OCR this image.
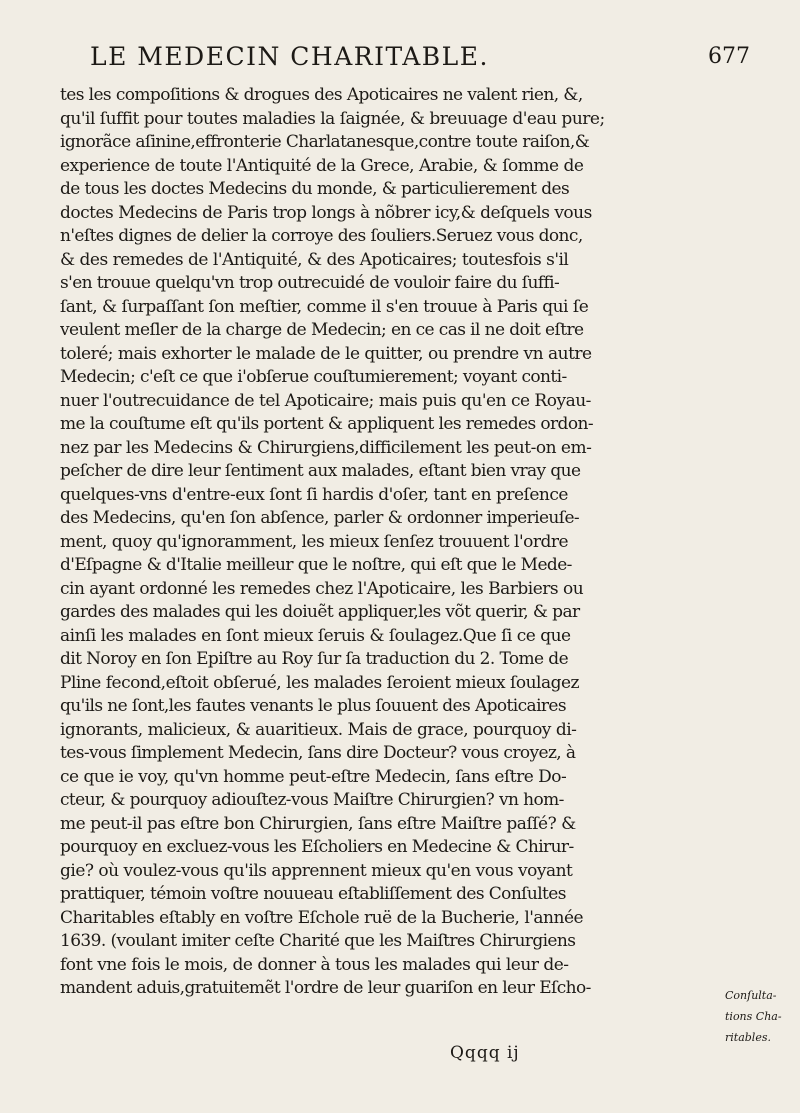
LE MEDECIN CHARITABLE.	677
tes les compoſitions & drogues des Apoticaires ne valent rien, &,
qu'il ſuffit pour toutes maladies la ſaignée, & breuuage d'eau pure;
ignorãce aſinine,effronterie Charlatanesque,contre toute raiſon,&
experience de toute l'Antiquité de la Grece, Arabie, & ſomme de
de tous les doctes Medecins du monde, & particulierement des
doctes Medecins de Paris trop longs à nõbrer icy,& deſquels vous
n'eſtes dignes de delier la corroye des ſouliers.Seruez vous donc,
& des remedes de l'Antiquité, & des Apoticaires; toutesfois s'il
s'en trouue quelqu'vn trop outrecuidé de vouloir faire du ſuffi-
ſant, & ſurpaſſant ſon meſtier, comme il s'en trouue à Paris qui ſe
veulent meſler de la charge de Medecin; en ce cas il ne doit eſtre
toleré; mais exhorter le malade de le quitter, ou prendre vn autre
Medecin; c'eſt ce que i'obſerue couſtumierement; voyant conti-
nuer l'outrecuidance de tel Apoticaire; mais puis qu'en ce Royau-
me la couſtume eſt qu'ils portent & appliquent les remedes ordon-
nez par les Medecins & Chirurgiens,difficilement les peut-on em-
peſcher de dire leur ſentiment aux malades, eſtant bien vray que
quelques-vns d'entre-eux ſont ſi hardis d'oſer, tant en preſence
des Medecins, qu'en ſon abſence, parler & ordonner imperieuſe-
ment, quoy qu'ignoramment, les mieux ſenſez trouuent l'ordre
d'Eſpagne & d'Italie meilleur que le noſtre, qui eſt que le Mede-
cin ayant ordonné les remedes chez l'Apoticaire, les Barbiers ou
gardes des malades qui les doiuẽt appliquer,les võt querir, & par
ainſi les malades en ſont mieux ſeruis & ſoulagez.Que ſi ce que
dit Noroy en ſon Epiſtre au Roy ſur ſa traduction du 2. Tome de
Pline fecond,eſtoit obſerué, les malades ſeroient mieux ſoulagez
qu'ils ne ſont,les fautes venants le plus ſouuent des Apoticaires
ignorants, malicieux, & auaritieux. Mais de grace, pourquoy di-
tes-vous ſimplement Medecin, ſans dire Docteur? vous croyez, à
ce que ie voy, qu'vn homme peut-eſtre Medecin, ſans eſtre Do-
cteur, & pourquoy adiouſtez-vous Maiſtre Chirurgien? vn hom-
me peut-il pas eſtre bon Chirurgien, ſans eſtre Maiſtre paſſé? &
pourquoy en excluez-vous les Eſcholiers en Medecine & Chirur-
gie? où voulez-vous qu'ils apprennent mieux qu'en vous voyant
prattiquer, témoin voſtre nouueau eſtabliſſement des Conſultes
Charitables eſtably en voſtre Eſchole ruë de la Bucherie, l'année
1639. (voulant imiter ceſte Charité que les Maiſtres Chirurgiens
font vne fois le mois, de donner à tous les malades qui leur de-
mandent aduis,gratuitemẽt l'ordre de leur guariſon en leur Eſcho-	Conſulta-
tions Cha-
ritables.
Qqqq ij
